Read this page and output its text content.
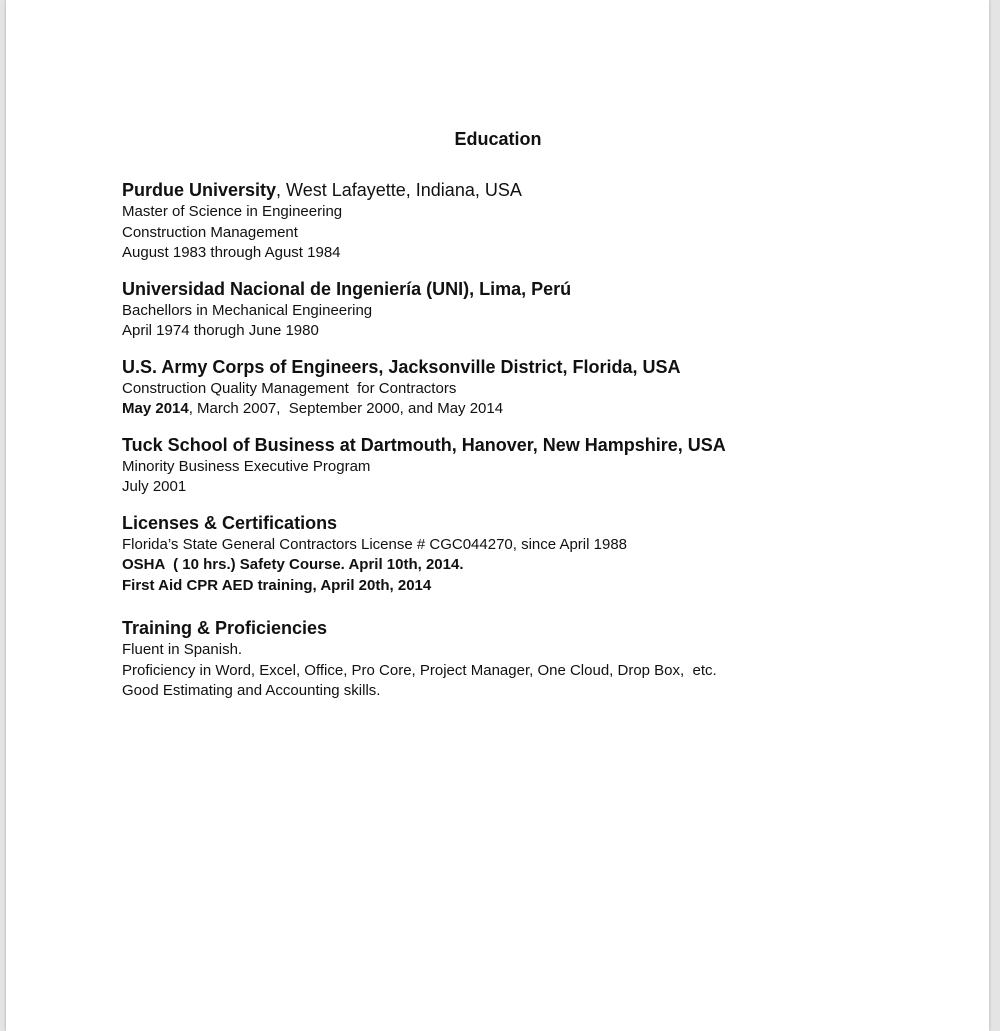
Education
Purdue University, West Lafayette, Indiana, USA
Master of Science in Engineering
Construction Management
August 1983 through Agust 1984
Universidad Nacional de Ingeniería (UNI), Lima, Perú
Bachellors in Mechanical Engineering
April 1974 thorugh June 1980
U.S. Army Corps of Engineers, Jacksonville District, Florida, USA
Construction Quality Management  for Contractors
May 2014, March 2007,  September 2000, and May 2014
Tuck School of Business at Dartmouth, Hanover, New Hampshire, USA
Minority Business Executive Program
July 2001
Licenses & Certifications
Florida’s State General Contractors License # CGC044270, since April 1988
OSHA  ( 10 hrs.) Safety Course. April 10th, 2014.
First Aid CPR AED training, April 20th, 2014
Training & Proficiencies
Fluent in Spanish.
Proficiency in Word, Excel, Office, Pro Core, Project Manager, One Cloud, Drop Box,  etc.
Good Estimating and Accounting skills.
